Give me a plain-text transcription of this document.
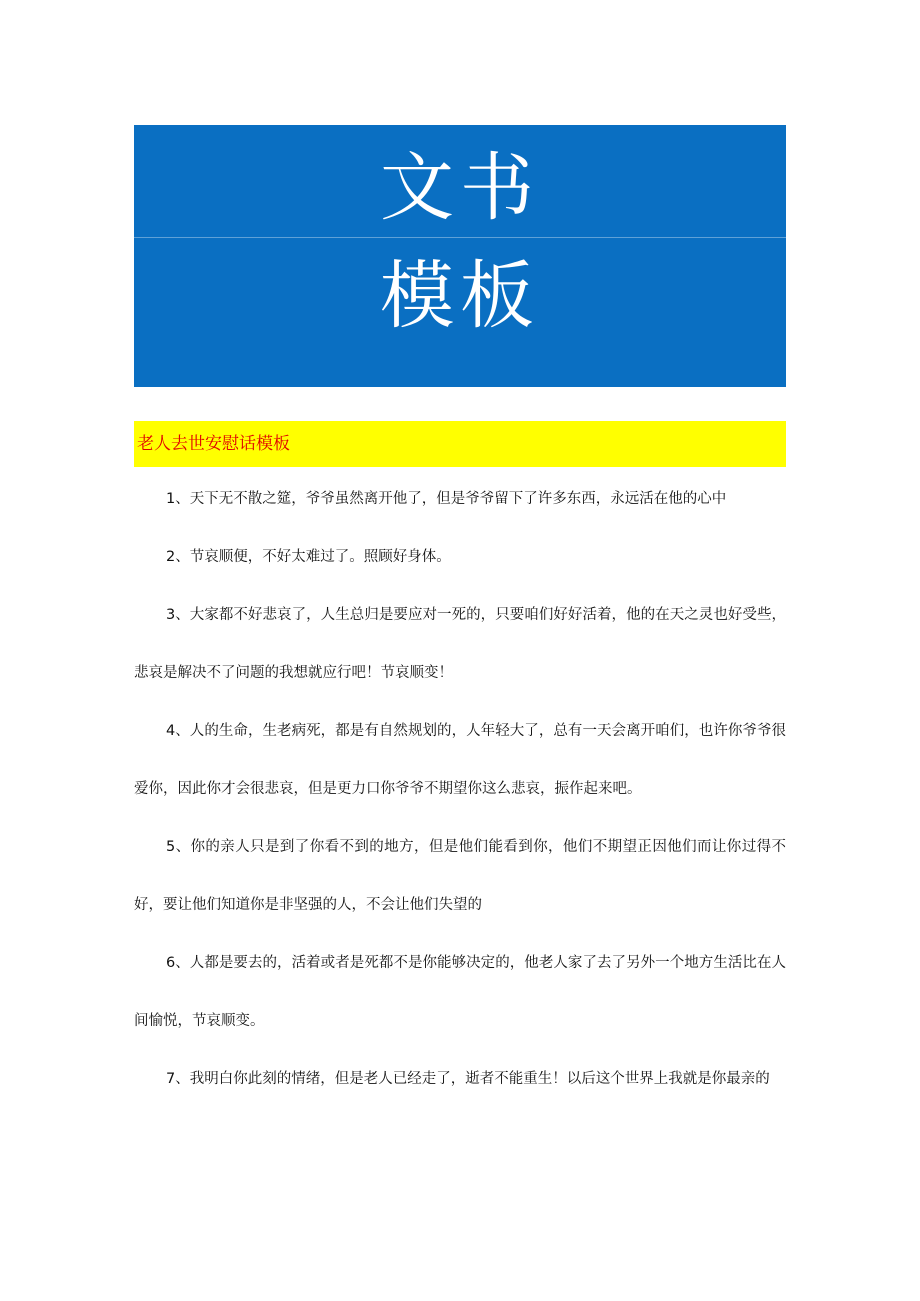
文书
模板
老人去世安慰话模板

1、天下无不散之筵，爷爷虽然离开他了，但是爷爷留下了许多东西，永远活在他的心中

2、节哀顺便，不好太难过了。照顾好身体。

3、大家都不好悲哀了，人生总归是要应对一死的，只要咱们好好活着，他的在天之灵也好受些，悲哀是解决不了问题的我想就应行吧！节哀顺变！

4、人的生命，生老病死，都是有自然规划的，人年轻大了，总有一天会离开咱们，也许你爷爷很爱你，因此你才会很悲哀，但是更力口你爷爷不期望你这么悲哀，振作起来吧。

5、你的亲人只是到了你看不到的地方，但是他们能看到你，他们不期望正因他们而让你过得不好，要让他们知道你是非坚强的人，不会让他们失望的

6、人都是要去的，活着或者是死都不是你能够决定的，他老人家了去了另外一个地方生活比在人间愉悦，节哀顺变。

7、我明白你此刻的情绪，但是老人已经走了，逝者不能重生！以后这个世界上我就是你最亲的
